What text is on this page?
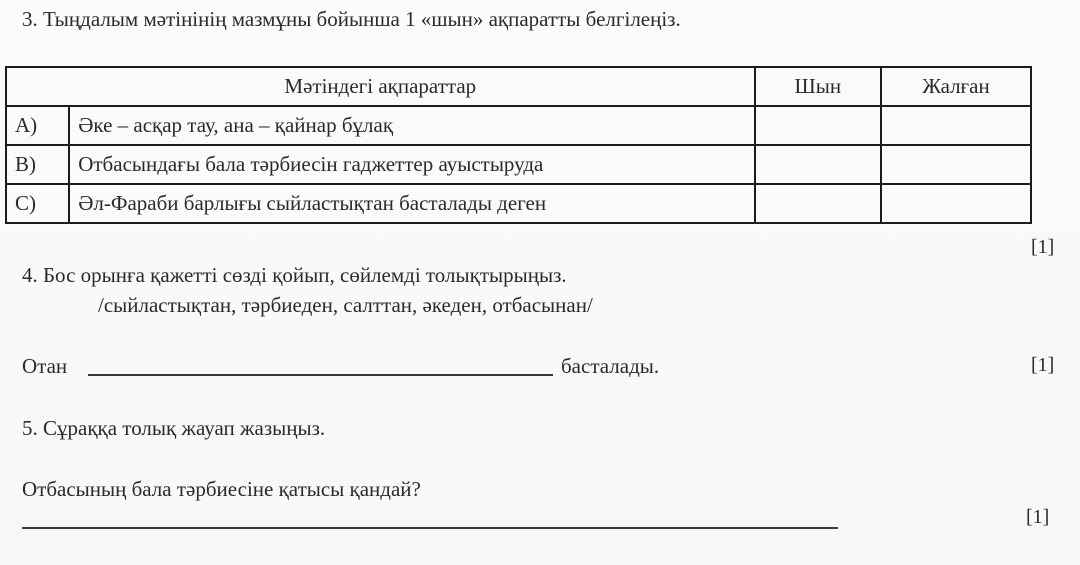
3. Тыңдалым мәтінінің мазмұны бойынша 1 «шын» ақпаратты белгілеңіз.
Мәтіндегі ақпараттар		Шын	Жалған
A)	Әке – асқар тау, ана – қайнар бұлақ		
B)	Отбасындағы бала тәрбиесін гаджеттер ауыстыруда		
C)	Әл-Фараби барлығы сыйластықтан басталады деген		
[1]
4. Бос орынға қажетті сөзді қойып, сөйлемді толықтырыңыз.
/сыйластықтан, тәрбиеден, салттан, әкеден, отбасынан/
Отан	басталады.	[1]
5. Сұраққа толық жауап жазыңыз.
Отбасының бала тәрбиесіне қатысы қандай?
[1]
